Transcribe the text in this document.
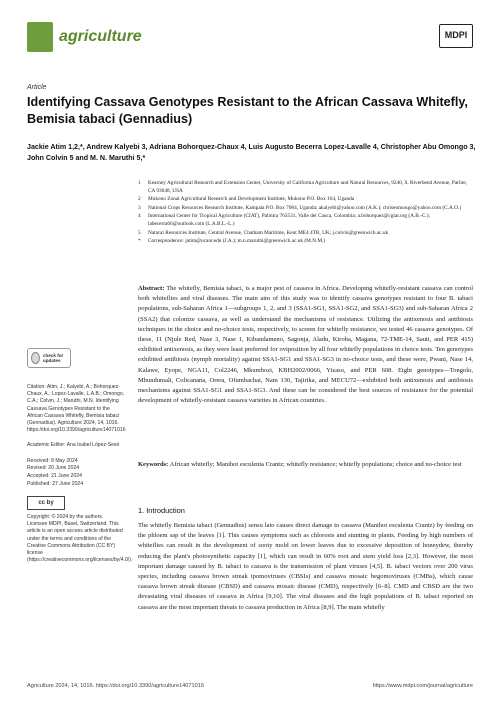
agriculture	MDPI
Article
Identifying Cassava Genotypes Resistant to the African Cassava Whitefly, Bemisia tabaci (Gennadius)
Jackie Atim 1,2,*, Andrew Kalyebi 3, Adriana Bohorquez-Chaux 4, Luis Augusto Becerra Lopez-Lavalle 4, Christopher Abu Omongo 3, John Colvin 5 and M. N. Maruthi 5,*
1 Kearney Agricultural Research and Extension Center, University of California Agriculture and Natural Resources, 9240, S. Riverbend Avenue, Parlier, CA 93648, USA
2 Mukono Zonal Agricultural Research and Development Institute, Mukono P.O. Box 164, Uganda
3 National Crops Resources Research Institute, Kampala P.O. Box 7084, Uganda; akalyebi@yahoo.com (A.K.); chriseomongo@yahoo.com (C.A.O.)
4 International Center for Tropical Agriculture (CIAT), Palmira 763531, Valle del Cauca, Colombia; a.bohorquez@cgiar.org (A.B.-C.); labecerra66@outlook.com (L.A.B.L.-L.)
5 Natural Resources Institute, Central Avenue, Chatham Maritime, Kent ME4 4TB, UK; j.colvin@greenwich.ac.uk
* Correspondence: jatim@ucanr.edu (J.A.); m.n.maruthi@greenwich.ac.uk (M.N.M.)
Abstract: The whitefly, Bemisia tabaci, is a major pest of cassava in Africa. Developing whitefly-resistant cassava can control both whiteflies and viral diseases. The main aim of this study was to identify cassava genotypes resistant to four B. tabaci populations, sub-Saharan Africa 1—subgroups 1, 2, and 3 (SSA1-SG1, SSA1-SG2, and SSA1-SG3) and sub-Saharan Africa 2 (SSA2) that colonize cassava, as well as understand the mechanisms of resistance. Utilizing the antixenosis and antibiosis techniques in the choice and no-choice tests, respectively, to screen for whitefly resistance, we tested 46 cassava genotypes. Of these, 11 (Njule Red, Nase 3, Nase 1, Kibandameno, Sagonja, Aladu, Kiroba, Magana, 72-TME-14, Sauti, and PER 415) exhibited antixenosis, as they were least preferred for oviposition by all four whitefly populations in choice tests. Ten genotypes exhibited antibiosis (nymph mortality) against SSA1-SG1 and SSA1-SG3 in no-choice tests, and these were, Pwani, Nase 14, Kalawe, Eyope, NGA11, Col2246, Mkumbozi, KBH2002/0066, Yizaso, and PER 608. Eight genotypes—Tongolo, Mbundumali, Colicanana, Orera, Ofumbachai, Nam 130, Tajirika, and MECU72—exhibited both antixenosis and antibiosis mechanisms against SSA1-SG1 and SSA1-SG3. And these can be considered the best sources of resistance for the potential development of whitefly-resistant cassava varieties in African countries.
Keywords: African whitefly; Manihot esculenta Crantz; whitefly resistance; whitefly populations; choice and no-choice test
1. Introduction
The whitefly Bemisia tabaci (Gennadius) sensu lato causes direct damage to cassava (Manihot esculenta Crantz) by feeding on the phloem sap of the leaves [1]. This causes symptoms such as chlorosis and stunting in plants. Feeding by high numbers of whiteflies can result in the development of sooty mold on lower leaves due to excessive deposition of honeydew, thereby reducing the plant's photosynthetic capacity [1], which can result in 60% root and stem yield loss [2,3]. However, the most important damage caused by B. tabaci to cassava is the transmission of plant viruses [4,5]. B. tabaci vectors over 200 virus species, including cassava brown streak ipomoviruses (CBSIs) and cassava mosaic begomoviruses (CMBs), which cause cassava brown streak disease (CBSD) and cassava mosaic disease (CMD), respectively [6–8]. CMD and CBSD are the two devastating viral diseases of cassava in Africa [9,10]. The viral diseases and the high populations of B. tabaci reported on cassava are the most important threats to cassava production in Africa [8,9]. The main whitefly
check for updates
Citation: Atim, J.; Kalyebi, A.; Bohorquez-Chaux, A.; Lopez-Lavalle, L.A.B.; Omongo, C.A.; Colvin, J.; Maruthi, M.N. Identifying Cassava Genotypes Resistant to the African Cassava Whitefly, Bemisia tabaci (Gennadius). Agriculture 2024, 14, 1016. https://doi.org/10.3390/agriculture14071016
Academic Editor: Ana Isabel López-Sesé
Received: 8 May 2024
Revised: 20 June 2024
Accepted: 21 June 2024
Published: 27 June 2024
cc by
Copyright: © 2024 by the authors. Licensee MDPI, Basel, Switzerland. This article is an open access article distributed under the terms and conditions of the Creative Commons Attribution (CC BY) license (https://creativecommons.org/licenses/by/4.0/).
Agriculture 2024, 14, 1016. https://doi.org/10.3390/agriculture14071016	https://www.mdpi.com/journal/agriculture
